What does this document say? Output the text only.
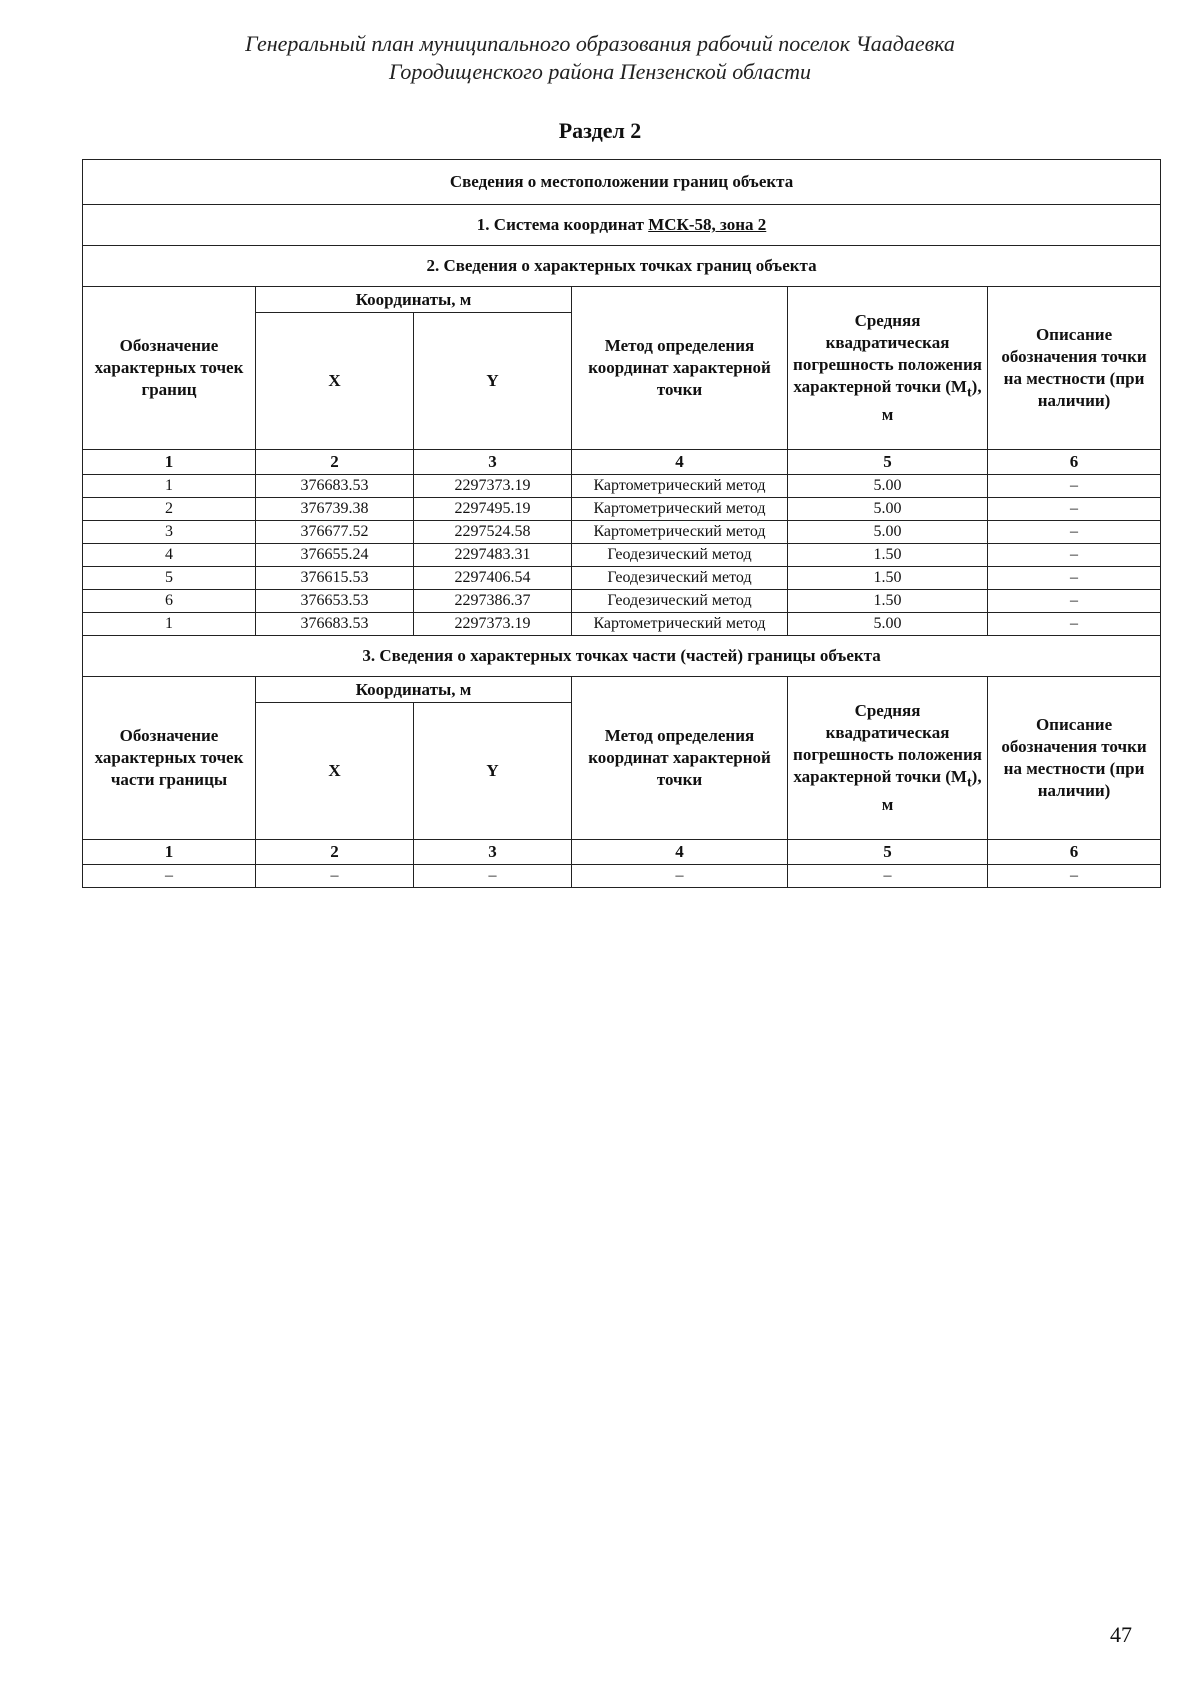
Генеральный план муниципального образования рабочий поселок Чаадаевка
Городищенского района Пензенской области
Раздел 2
Сведения о местоположении границ объекта					
1. Система координат МСК-58, зона 2					
2. Сведения о характерных точках границ объекта					
Обозначение характерных точек границ	Координаты, м		Метод определения координат характерной точки	Средняя квадратическая погрешность положения характерной точки $(M_t)$, м	Описание обозначения точки на местности (при наличии)
	X	Y			
1	2	3	4	5	6
1	376683.53	2297373.19	Картометрический метод	5.00	–
2	376739.38	2297495.19	Картометрический метод	5.00	–
3	376677.52	2297524.58	Картометрический метод	5.00	–
4	376655.24	2297483.31	Геодезический метод	1.50	–
5	376615.53	2297406.54	Геодезический метод	1.50	–
6	376653.53	2297386.37	Геодезический метод	1.50	–
1	376683.53	2297373.19	Картометрический метод	5.00	–
3. Сведения о характерных точках части (частей) границы объекта					
Обозначение характерных точек части границы	Координаты, м		Метод определения координат характерной точки	Средняя квадратическая погрешность положения характерной точки $(M_t)$, м	Описание обозначения точки на местности (при наличии)
	X	Y			
1	2	3	4	5	6
–	–	–	–	–	–
47
